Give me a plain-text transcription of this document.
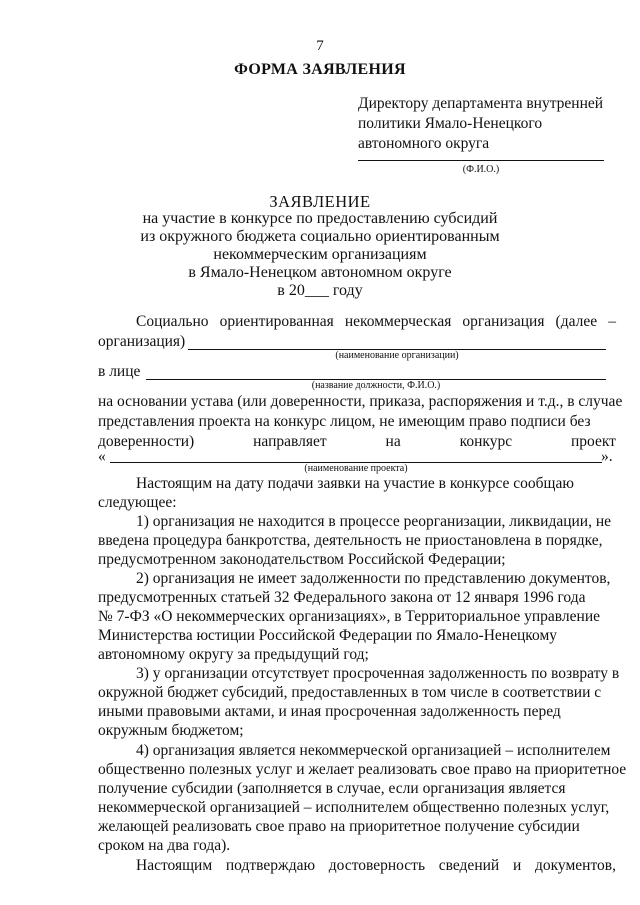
7
ФОРМА ЗАЯВЛЕНИЯ
Директору департамента внутренней
политики Ямало-Ненецкого
автономного округа
(Ф.И.О.)
ЗАЯВЛЕНИЕ
на участие в конкурсе по предоставлению субсидий
из окружного бюджета социально ориентированным
некоммерческим организациям
в Ямало-Ненецком автономном округе
в 20___ году
Социально ориентированная некоммерческая организация (далее –
организация)
(наименование организации)
в лице
(название должности, Ф.И.О.)
на основании устава (или доверенности, приказа, распоряжения и т.д., в случае
представления проекта на конкурс лицом, не имеющим право подписи без
доверенности)	направляет	на	конкурс	проект
«	».
(наименование проекта)
Настоящим на дату подачи заявки на участие в конкурсе сообщаю
следующее:
1) организация не находится в процессе реорганизации, ликвидации, не
введена процедура банкротства, деятельность не приостановлена в порядке,
предусмотренном законодательством Российской Федерации;
2) организация не имеет задолженности по представлению документов,
предусмотренных статьей 32 Федерального закона от 12 января 1996 года
№ 7-ФЗ «О некоммерческих организациях», в Территориальное управление
Министерства юстиции Российской Федерации по Ямало-Ненецкому
автономному округу за предыдущий год;
3) у организации отсутствует просроченная задолженность по возврату в
окружной бюджет субсидий, предоставленных в том числе в соответствии с
иными правовыми актами, и иная просроченная задолженность перед
окружным бюджетом;
4) организация является некоммерческой организацией – исполнителем
общественно полезных услуг и желает реализовать свое право на приоритетное
получение субсидии (заполняется в случае, если организация является
некоммерческой организацией – исполнителем общественно полезных услуг,
желающей реализовать свое право на приоритетное получение субсидии
сроком на два года).
Настоящим подтверждаю достоверность сведений и документов,
